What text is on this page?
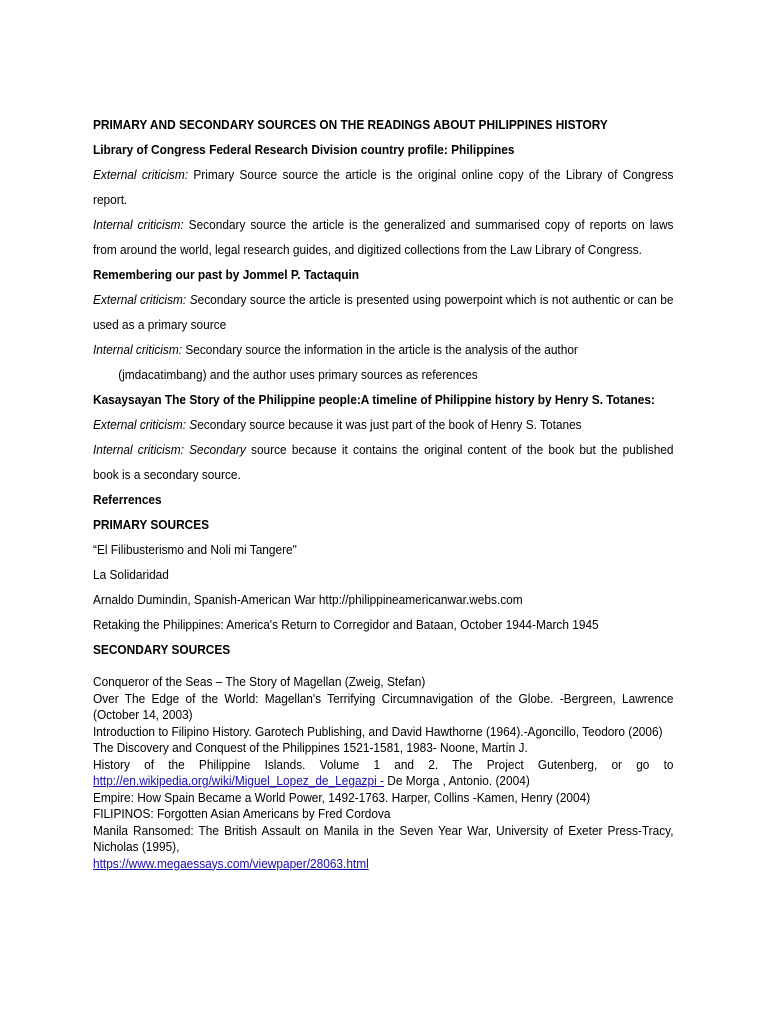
PRIMARY AND SECONDARY SOURCES ON THE READINGS ABOUT PHILIPPINES HISTORY

Library of Congress Federal Research Division country profile: Philippines

External criticism: Primary Source source the article is the original online copy of the Library of Congress report.

Internal criticism: Secondary source the article is the generalized and summarised copy of reports on laws from around the world, legal research guides, and digitized collections from the Law Library of Congress.

Remembering our past by Jommel P. Tactaquin

External criticism: Secondary source the article is presented using powerpoint which is not authentic or can be used as a primary source

Internal criticism: Secondary source the information in the article is the analysis of the author

(jmdacatimbang) and the author uses primary sources as references

Kasaysayan The Story of the Philippine people:A timeline of Philippine history by Henry S. Totanes:

External criticism: Secondary source because it was just part of the book of Henry S. Totanes

Internal criticism: Secondary source because it contains the original content of the book but the published book is a secondary source.

Referrences

PRIMARY SOURCES

“El Filibusterismo and Noli mi Tangere"

La Solidaridad

Arnaldo Dumindin, Spanish-American War http://philippineamericanwar.webs.com

Retaking the Philippines: America's Return to Corregidor and Bataan, October 1944-March 1945

SECONDARY SOURCES

Conqueror of the Seas – The Story of Magellan (Zweig, Stefan)

Over The Edge of the World: Magellan's Terrifying Circumnavigation of the Globe. -Bergreen, Lawrence (October 14, 2003)

Introduction to Filipino History. Garotech Publishing, and David Hawthorne (1964).-Agoncillo, Teodoro (2006)

The Discovery and Conquest of the Philippines 1521-1581, 1983- Noone, Martín J.

History of the Philippine Islands. Volume 1 and 2. The Project Gutenberg, or go to http://en.wikipedia.org/wiki/Miguel_Lopez_de_Legazpi - De Morga , Antonio. (2004)

Empire: How Spain Became a World Power, 1492-1763. Harper, Collins -Kamen, Henry (2004)

FILIPINOS: Forgotten Asian Americans by Fred Cordova

Manila Ransomed: The British Assault on Manila in the Seven Year War, University of Exeter Press-Tracy, Nicholas (1995),

https://www.megaessays.com/viewpaper/28063.html
